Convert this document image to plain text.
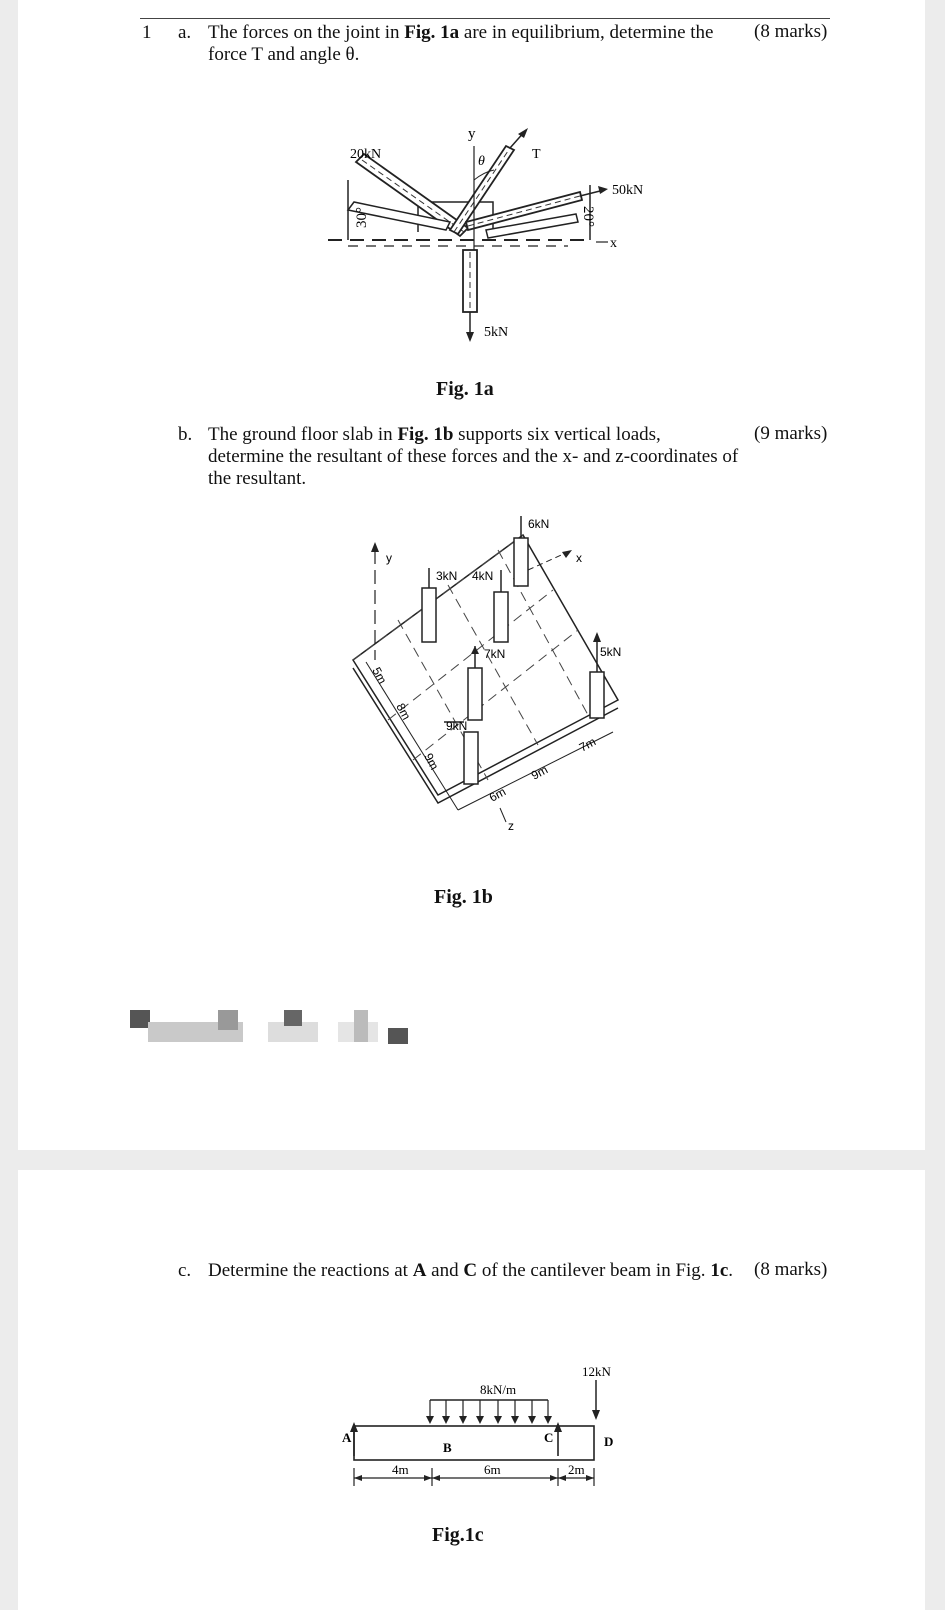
1 a. The forces on the joint in Fig. 1a are in equilibrium, determine the
force T and angle θ.
(8 marks)
y
θ	T
20kN
50kN
5kN
30°	20°
x
Fig. 1a
b. The ground floor slab in Fig. 1b supports six vertical loads,
determine the resultant of these forces and the x- and z-coordinates of
the resultant.
(9 marks)
6kN
3kN 4kN
7kN	5kN
9kN
y	x
z
5m
8m
9m
6m
9m
7m
Fig. 1b
c. Determine the reactions at A and C of the cantilever beam in Fig. 1c. (8 marks)
8kN/m
12kN
A
B
C	D
4m	6m	2m
Fig.1c
